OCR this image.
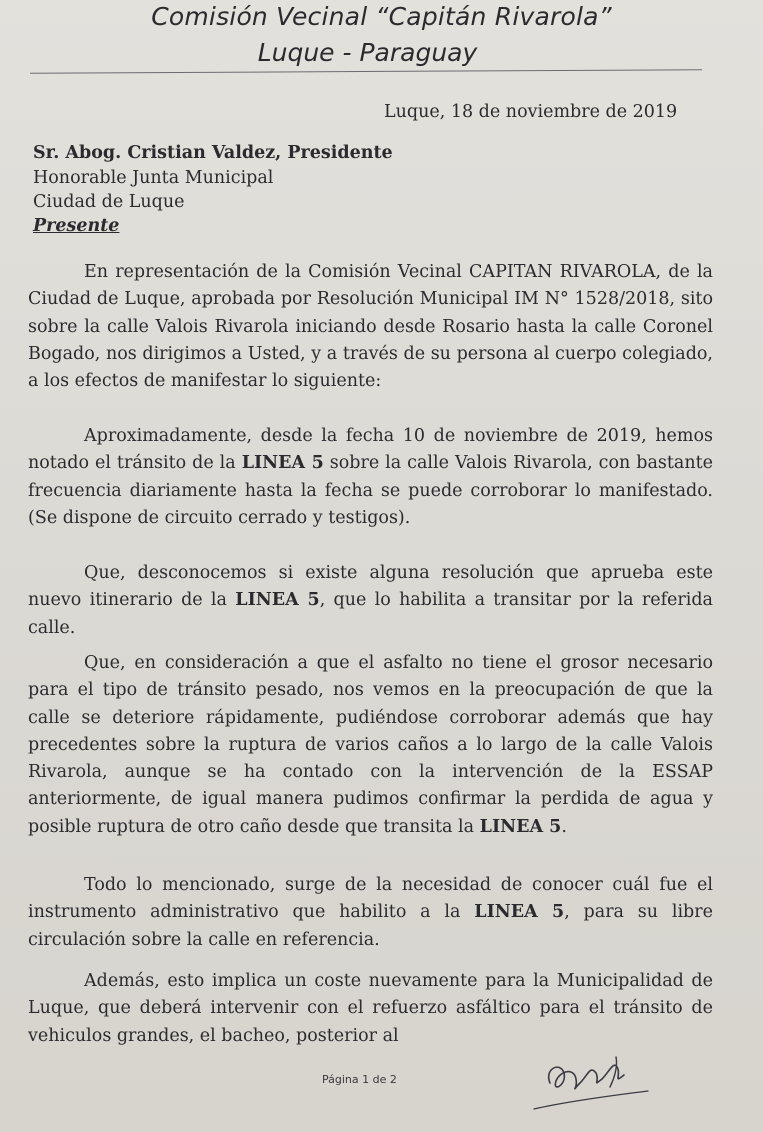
Comisión Vecinal “Capitán Rivarola”
Luque - Paraguay
Luque, 18 de noviembre de 2019
Sr. Abog. Cristian Valdez, Presidente
Honorable Junta Municipal
Ciudad de Luque
Presente

En representación de la Comisión Vecinal CAPITAN RIVAROLA, de la Ciudad de Luque, aprobada por Resolución Municipal IM N° 1528/2018, sito sobre la calle Valois Rivarola iniciando desde Rosario hasta la calle Coronel Bogado, nos dirigimos a Usted, y a través de su persona al cuerpo colegiado, a los efectos de manifestar lo siguiente:

Aproximadamente, desde la fecha 10 de noviembre de 2019, hemos notado el tránsito de la LINEA 5 sobre la calle Valois Rivarola, con bastante frecuencia diariamente hasta la fecha se puede corroborar lo manifestado. (Se dispone de circuito cerrado y testigos).

Que, desconocemos si existe alguna resolución que aprueba este nuevo itinerario de la LINEA 5, que lo habilita a transitar por la referida calle.

Que, en consideración a que el asfalto no tiene el grosor necesario para el tipo de tránsito pesado, nos vemos en la preocupación de que la calle se deteriore rápidamente, pudiéndose corroborar además que hay precedentes sobre la ruptura de varios caños a lo largo de la calle Valois Rivarola, aunque se ha contado con la intervención de la ESSAP anteriormente, de igual manera pudimos confirmar la perdida de agua y posible ruptura de otro caño desde que transita la LINEA 5.

Todo lo mencionado, surge de la necesidad de conocer cuál fue el instrumento administrativo que habilito a la LINEA 5, para su libre circulación sobre la calle en referencia.

Además, esto implica un coste nuevamente para la Municipalidad de Luque, que deberá intervenir con el refuerzo asfáltico para el tránsito de vehiculos grandes, el bacheo, posterior al

Página 1 de 2
